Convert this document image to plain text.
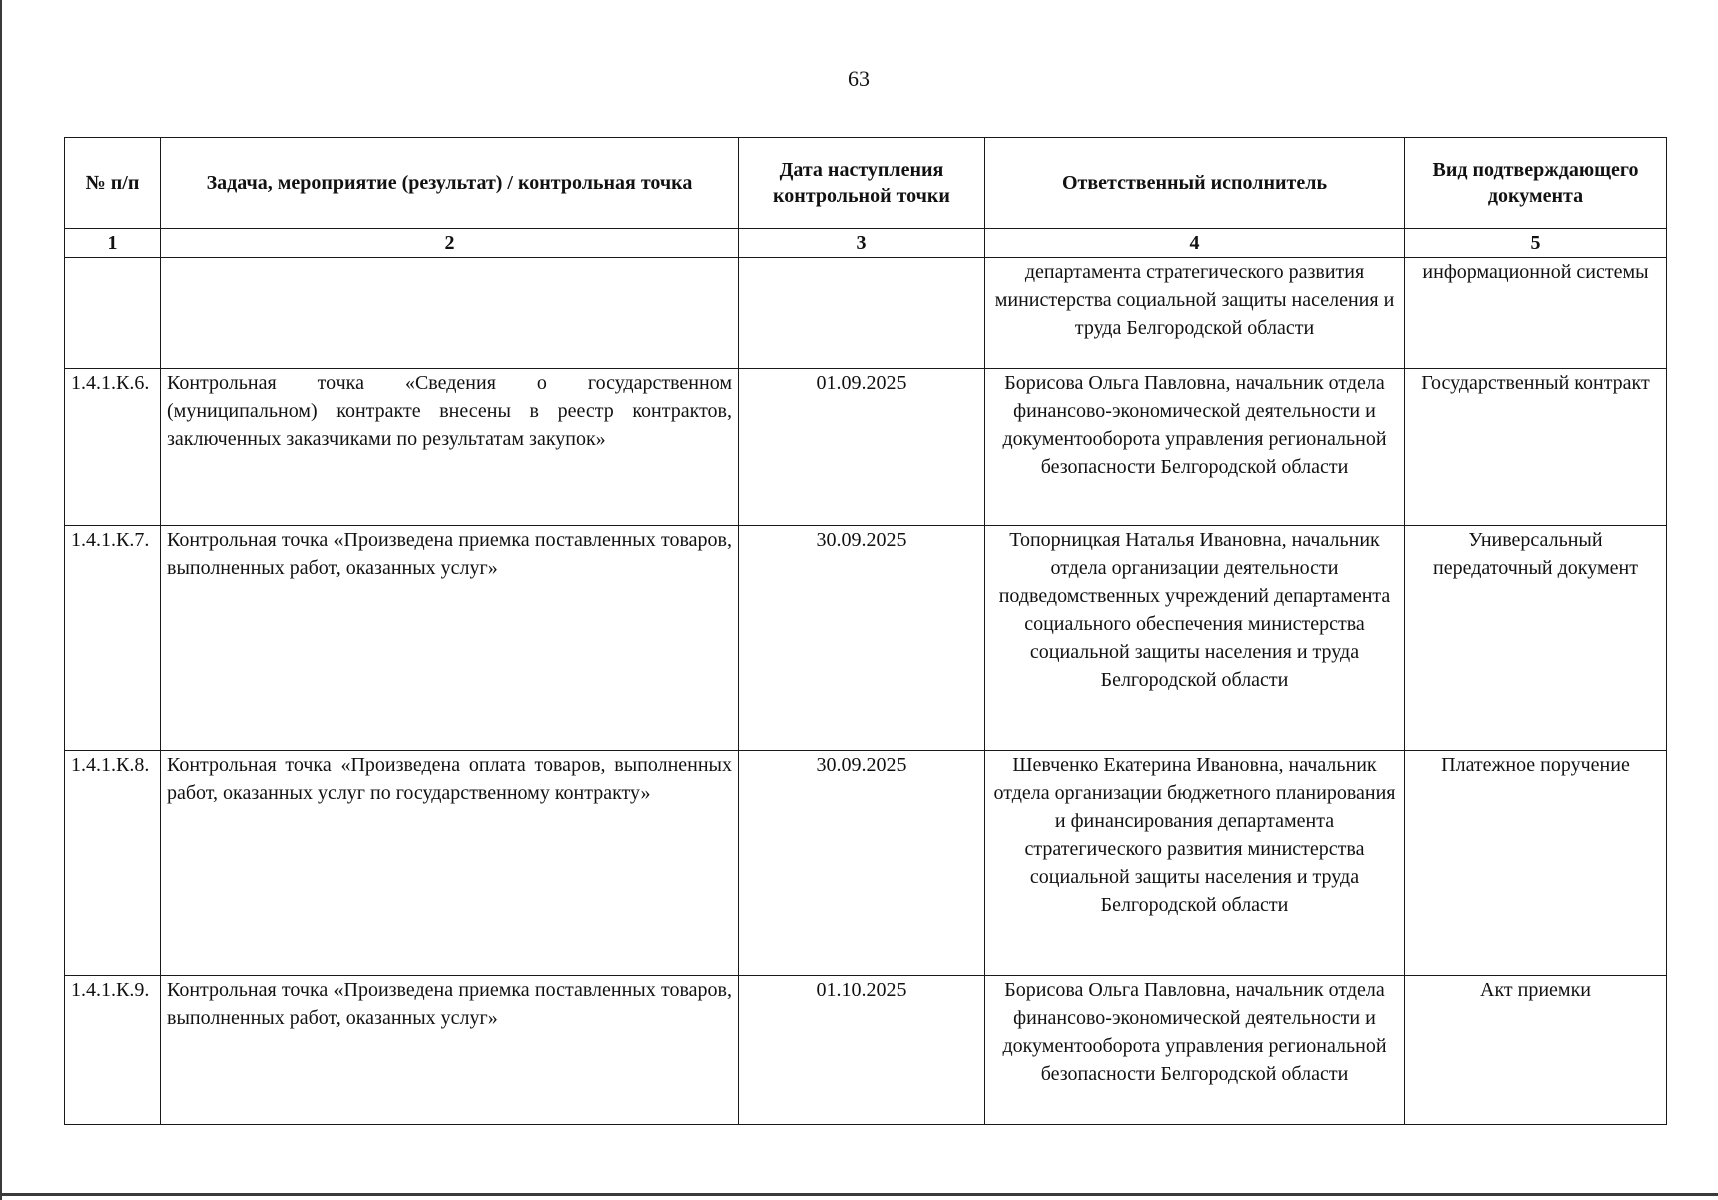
63
№ п/п	Задача, мероприятие (результат) / контрольная точка	Дата наступления контрольной точки	Ответственный исполнитель	Вид подтверждающего документа
1	2	3	4	5
			департамента стратегического развития министерства социальной защиты населения и труда Белгородской области	информационной системы
1.4.1.К.6.	Контрольная точка «Сведения о государственном (муниципальном) контракте внесены в реестр контрактов, заключенных заказчиками по результатам закупок»	01.09.2025	Борисова Ольга Павловна, начальник отдела финансово-экономической деятельности и документооборота управления региональной безопасности Белгородской области	Государственный контракт
1.4.1.К.7.	Контрольная точка «Произведена приемка поставленных товаров, выполненных работ, оказанных услуг»	30.09.2025	Топорницкая Наталья Ивановна, начальник отдела организации деятельности подведомственных учреждений департамента социального обеспечения министерства социальной защиты населения и труда Белгородской области	Универсальный передаточный документ
1.4.1.К.8.	Контрольная точка «Произведена оплата товаров, выполненных работ, оказанных услуг по государственному контракту»	30.09.2025	Шевченко Екатерина Ивановна, начальник отдела организации бюджетного планирования и финансирования департамента стратегического развития министерства социальной защиты населения и труда Белгородской области	Платежное поручение
1.4.1.К.9.	Контрольная точка «Произведена приемка поставленных товаров, выполненных работ, оказанных услуг»	01.10.2025	Борисова Ольга Павловна, начальник отдела финансово-экономической деятельности и документооборота управления региональной безопасности Белгородской области	Акт приемки
